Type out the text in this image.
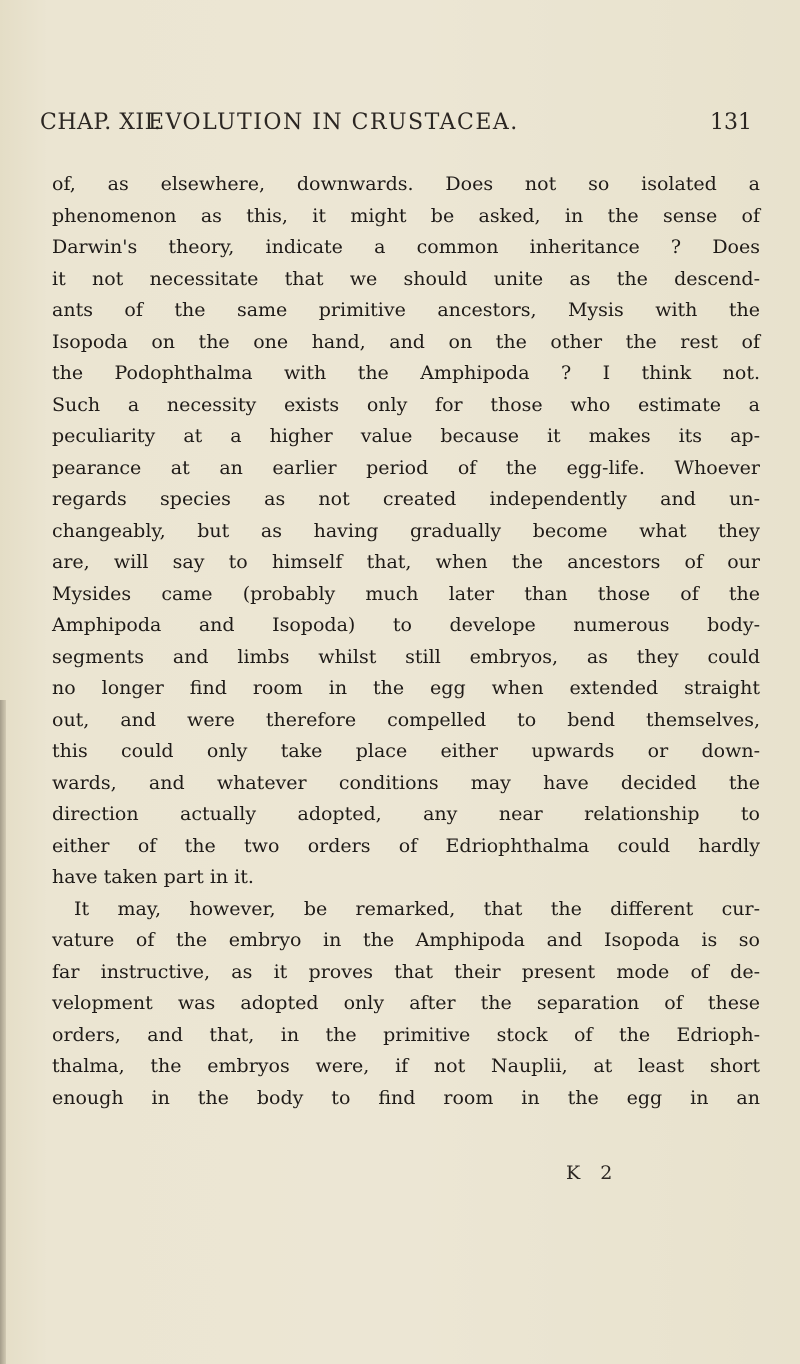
CHAP. XII.
EVOLUTION IN CRUSTACEA.	131
of, as elsewhere, downwards. Does not so isolated a
phenomenon as this, it might be asked, in the sense of
Darwin's theory, indicate a common inheritance ? Does
it not necessitate that we should unite as the descend-
ants of the same primitive ancestors, Mysis with the
Isopoda on the one hand, and on the other the rest of
the Podophthalma with the Amphipoda ? I think not.
Such a necessity exists only for those who estimate a
peculiarity at a higher value because it makes its ap-
pearance at an earlier period of the egg-life. Whoever
regards species as not created independently and un-
changeably, but as having gradually become what they
are, will say to himself that, when the ancestors of our
Mysides came (probably much later than those of the
Amphipoda and Isopoda) to develope numerous body-
segments and limbs whilst still embryos, as they could
no longer find room in the egg when extended straight
out, and were therefore compelled to bend themselves,
this could only take place either upwards or down-
wards, and whatever conditions may have decided the
direction actually adopted, any near relationship to
either of the two orders of Edriophthalma could hardly
have taken part in it.
It may, however, be remarked, that the different cur-
vature of the embryo in the Amphipoda and Isopoda is so
far instructive, as it proves that their present mode of de-
velopment was adopted only after the separation of these
orders, and that, in the primitive stock of the Edrioph-
thalma, the embryos were, if not Nauplii, at least short
enough in the body to find room in the egg in an
K 2
